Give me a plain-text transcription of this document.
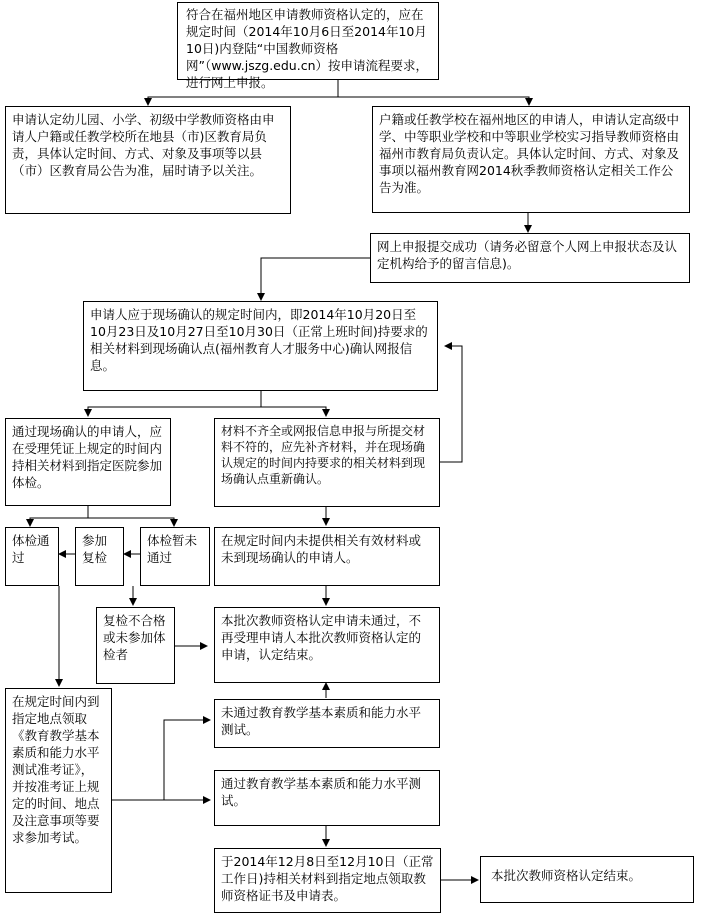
符合在福州地区申请教师资格认定的，应在规定时间（2014年10月6日至2014年10月10日)内登陆“中国教师资格网”（www.jszg.edu.cn）按申请流程要求，进行网上申报。
申请认定幼儿园、小学、初级中学教师资格由申请人户籍或任教学校所在地县（市)区教育局负责，具体认定时间、方式、对象及事项等以县（市）区教育局公告为准，届时请予以关注。
户籍或任教学校在福州地区的申请人，申请认定高级中学、中等职业学校和中等职业学校实习指导教师资格由福州市教育局负责认定。具体认定时间、方式、对象及事项以福州教育网2014秋季教师资格认定相关工作公告为准。
网上申报提交成功（请务必留意个人网上申报状态及认定机构给予的留言信息)。
申请人应于现场确认的规定时间内，即2014年10月20日至10月23日及10月27日至10月30日（正常上班时间)持要求的相关材料到现场确认点(福州教育人才服务中心)确认网报信息。
通过现场确认的申请人，应在受理凭证上规定的时间内持相关材料到指定医院参加体检。
材料不齐全或网报信息申报与所提交材料不符的，应先补齐材料，并在现场确认规定的时间内持要求的相关材料到现场确认点重新确认。
体检通过
参加复检
体检暂未通过
在规定时间内未提供相关有效材料或未到现场确认的申请人。
复检不合格或未参加体检者
本批次教师资格认定申请未通过，不再受理申请人本批次教师资格认定的申请，认定结束。
在规定时间内到指定地点领取《教育教学基本素质和能力水平测试准考证》，并按准考证上规定的时间、地点及注意事项等要求参加考试。
未通过教育教学基本素质和能力水平测试。
通过教育教学基本素质和能力水平测试。
于2014年12月8日至12月10日（正常工作日)持相关材料到指定地点领取教师资格证书及申请表。
本批次教师资格认定结束。
